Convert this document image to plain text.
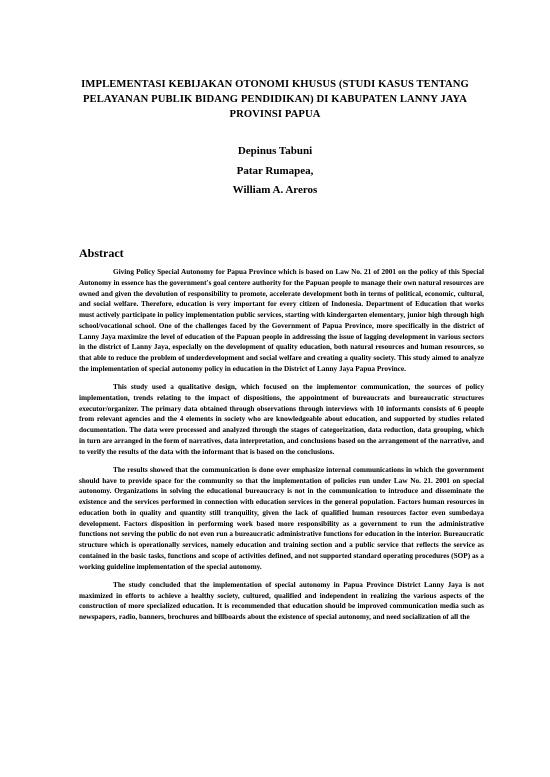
IMPLEMENTASI KEBIJAKAN OTONOMI KHUSUS (STUDI KASUS TENTANG PELAYANAN PUBLIK BIDANG PENDIDIKAN) DI KABUPATEN LANNY JAYA PROVINSI PAPUA
Depinus Tabuni
Patar Rumapea,
William A. Areros
Abstract

Giving Policy Special Autonomy for Papua Province which is based on Law No. 21 of 2001 on the policy of this Special Autonomy in essence has the government's goal centere authority for the Papuan people to manage their own natural resources are owned and given the devolution of responsibility to promote, accelerate development both in terms of political, economic, cultural, and social welfare. Therefore, education is very important for every citizen of Indonesia. Department of Education that works must actively participate in policy implementation public services, starting with kindergarten elementary, junior high through high school/vocational school. One of the challenges faced by the Government of Papua Province, more specifically in the district of Lanny Jaya maximize the level of education of the Papuan people in addressing the issue of lagging development in various sectors in the district of Lanny Jaya, especially on the development of quality education, both natural resources and human resources, so that able to reduce the problem of underdevelopment and social welfare and creating a quality society. This study aimed to analyze the implementation of special autonomy policy in education in the District of Lanny Jaya Papua Province.

This study used a qualitative design, which focused on the implementor communication, the sources of policy implementation, trends relating to the impact of dispositions, the appointment of bureaucrats and bureaucratic structures executor/organizer. The primary data obtained through observations through interviews with 10 informants consists of 6 people from relevant agencies and the 4 elements in society who are knowledgeable about education, and supported by studies related documentation. The data were processed and analyzed through the stages of categorization, data reduction, data grouping, which in turn are arranged in the form of narratives, data interpretation, and conclusions based on the arrangement of the narrative, and to verify the results of the data with the informant that is based on the conclusions.

The results showed that the communication is done over emphasize internal communications in which the government should have to provide space for the community so that the implementation of policies run under Law No. 21. 2001 on special autonomy. Organizations in solving the educational bureaucracy is not in the communication to introduce and disseminate the existence and the services performed in connection with education services in the general population. Factors human resources in education both in quality and quantity still tranquility, given the lack of qualified human resources factor even sumbedaya development. Factors disposition in performing work based more responsibility as a government to run the administrative functions not serving the public do not even run a bureaucratic administrative functions for education in the interior. Bureaucratic structure which is operationally services, namely education and training section and a public service that reflects the service as contained in the basic tasks, functions and scope of activities defined, and not supported standard operating procedures (SOP) as a working guideline implementation of the special autonomy.

The study concluded that the implementation of special autonomy in Papua Province District Lanny Jaya is not maximized in efforts to achieve a healthy society, cultured, qualified and independent in realizing the various aspects of the construction of more specialized education. It is recommended that education should be improved communication media such as newspapers, radio, banners, brochures and billboards about the existence of special autonomy, and need socialization of all the
